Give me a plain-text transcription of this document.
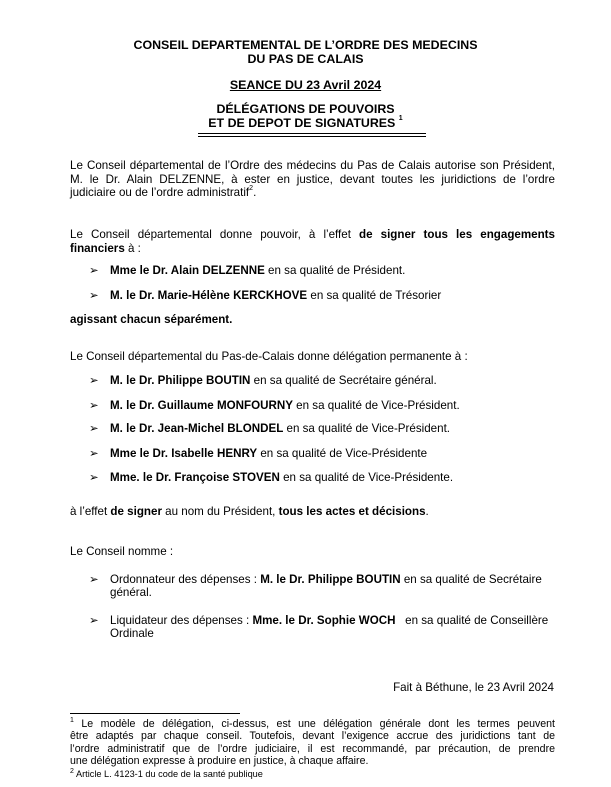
CONSEIL DEPARTEMENTAL DE L’ORDRE DES MEDECINS
DU PAS DE CALAIS
SEANCE DU 23 Avril 2024
DÉLÉGATIONS DE POUVOIRS
ET DE DEPOT DE SIGNATURES $^1$
Le Conseil départemental de l’Ordre des médecins du Pas de Calais autorise son Président,
M. le Dr. Alain DELZENNE, à ester en justice, devant toutes les juridictions de l’ordre
judiciaire ou de l’ordre administratif$^2$.
Le Conseil départemental donne pouvoir, à l’effet de signer tous les engagements
financiers à :
➢ Mme le Dr. Alain DELZENNE en sa qualité de Président.
➢ M. le Dr. Marie-Hélène KERCKHOVE en sa qualité de Trésorier
agissant chacun séparément.
Le Conseil départemental du Pas-de-Calais donne délégation permanente à :
➢ M. le Dr. Philippe BOUTIN en sa qualité de Secrétaire général.
➢ M. le Dr. Guillaume MONFOURNY en sa qualité de Vice-Président.
➢ M. le Dr. Jean-Michel BLONDEL en sa qualité de Vice-Président.
➢ Mme le Dr. Isabelle HENRY en sa qualité de Vice-Présidente
➢ Mme. le Dr. Françoise STOVEN en sa qualité de Vice-Présidente.
à l’effet de signer au nom du Président, tous les actes et décisions.
Le Conseil nomme :
➢ Ordonnateur des dépenses : M. le Dr. Philippe BOUTIN en sa qualité de Secrétaire
général.
➢ Liquidateur des dépenses : Mme. le Dr. Sophie WOCH   en sa qualité de Conseillère
Ordinale
Fait à Béthune, le 23 Avril 2024
$^1$ Le modèle de délégation, ci-dessus, est une délégation générale dont les termes peuvent
être adaptés par chaque conseil. Toutefois, devant l’exigence accrue des juridictions tant de
l’ordre administratif que de l’ordre judiciaire, il est recommandé, par précaution, de prendre
une délégation expresse à produire en justice, à chaque affaire.
$^2$ Article L. 4123-1 du code de la santé publique
